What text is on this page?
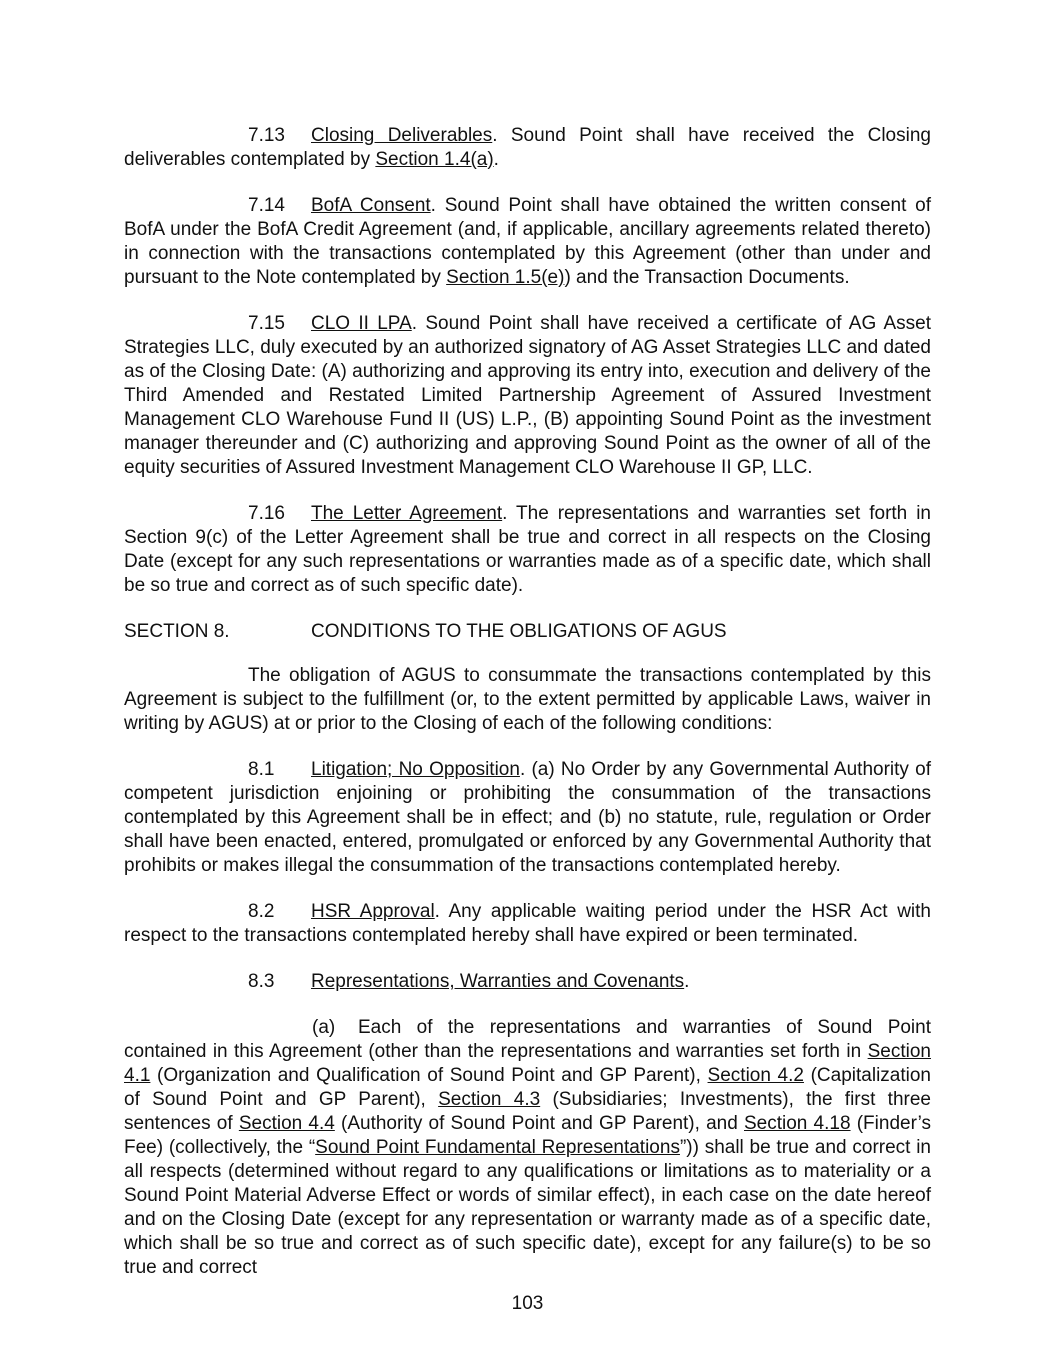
7.13 Closing Deliverables. Sound Point shall have received the Closing deliverables contemplated by Section 1.4(a).

7.14 BofA Consent. Sound Point shall have obtained the written consent of BofA under the BofA Credit Agreement (and, if applicable, ancillary agreements related thereto) in connection with the transactions contemplated by this Agreement (other than under and pursuant to the Note contemplated by Section 1.5(e)) and the Transaction Documents.

7.15 CLO II LPA. Sound Point shall have received a certificate of AG Asset Strategies LLC, duly executed by an authorized signatory of AG Asset Strategies LLC and dated as of the Closing Date: (A) authorizing and approving its entry into, execution and delivery of the Third Amended and Restated Limited Partnership Agreement of Assured Investment Management CLO Warehouse Fund II (US) L.P., (B) appointing Sound Point as the investment manager thereunder and (C) authorizing and approving Sound Point as the owner of all of the equity securities of Assured Investment Management CLO Warehouse II GP, LLC.

7.16 The Letter Agreement. The representations and warranties set forth in Section 9(c) of the Letter Agreement shall be true and correct in all respects on the Closing Date (except for any such representations or warranties made as of a specific date, which shall be so true and correct as of such specific date).

SECTION 8.	CONDITIONS TO THE OBLIGATIONS OF AGUS

The obligation of AGUS to consummate the transactions contemplated by this Agreement is subject to the fulfillment (or, to the extent permitted by applicable Laws, waiver in writing by AGUS) at or prior to the Closing of each of the following conditions:

8.1 Litigation; No Opposition. (a) No Order by any Governmental Authority of competent jurisdiction enjoining or prohibiting the consummation of the transactions contemplated by this Agreement shall be in effect; and (b) no statute, rule, regulation or Order shall have been enacted, entered, promulgated or enforced by any Governmental Authority that prohibits or makes illegal the consummation of the transactions contemplated hereby.

8.2 HSR Approval. Any applicable waiting period under the HSR Act with respect to the transactions contemplated hereby shall have expired or been terminated.

8.3 Representations, Warranties and Covenants.

(a) Each of the representations and warranties of Sound Point contained in this Agreement (other than the representations and warranties set forth in Section 4.1 (Organization and Qualification of Sound Point and GP Parent), Section 4.2 (Capitalization of Sound Point and GP Parent), Section 4.3 (Subsidiaries; Investments), the first three sentences of Section 4.4 (Authority of Sound Point and GP Parent), and Section 4.18 (Finder’s Fee) (collectively, the “Sound Point Fundamental Representations”)) shall be true and correct in all respects (determined without regard to any qualifications or limitations as to materiality or a Sound Point Material Adverse Effect or words of similar effect), in each case on the date hereof and on the Closing Date (except for any representation or warranty made as of a specific date, which shall be so true and correct as of such specific date), except for any failure(s) to be so true and correct

103
